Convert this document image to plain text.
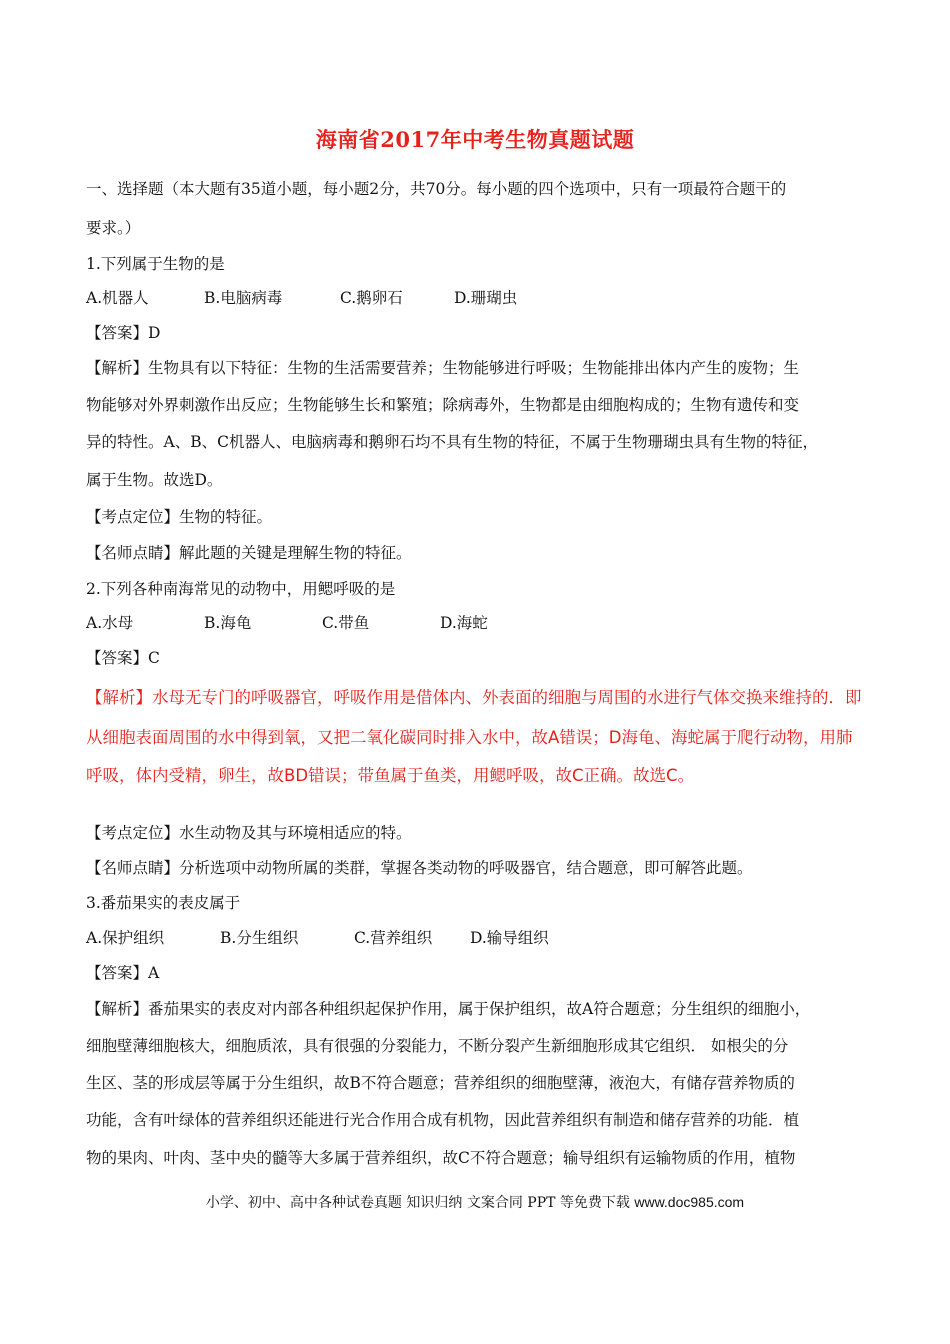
海南省2017年中考生物真题试题
一、选择题（本大题有35道小题，每小题2分，共70分。每小题的四个选项中，只有一项最符合题干的
要求。）
1.下列属于生物的是
A.机器人	B.电脑病毒	C.鹅卵石	D.珊瑚虫
【答案】D
【解析】生物具有以下特征：生物的生活需要营养；生物能够进行呼吸；生物能排出体内产生的废物；生
物能够对外界刺激作出反应；生物能够生长和繁殖；除病毒外，生物都是由细胞构成的；生物有遗传和变
异的特性。A、B、C机器人、电脑病毒和鹅卵石均不具有生物的特征，不属于生物珊瑚虫具有生物的特征，
属于生物。故选D。
【考点定位】生物的特征。
【名师点睛】解此题的关键是理解生物的特征。
2.下列各种南海常见的动物中，用鳃呼吸的是
A.水母	B.海龟	C.带鱼	D.海蛇
【答案】C
【解析】水母无专门的呼吸器官，呼吸作用是借体内、外表面的细胞与周围的水进行气体交换来维持的．即
从细胞表面周围的水中得到氧，又把二氧化碳同时排入水中，故A错误；D海龟、海蛇属于爬行动物，用肺
呼吸，体内受精，卵生，故BD错误；带鱼属于鱼类，用鳃呼吸，故C正确。故选C。
【考点定位】水生动物及其与环境相适应的特。
【名师点睛】分析选项中动物所属的类群，掌握各类动物的呼吸器官，结合题意，即可解答此题。
3.番茄果实的表皮属于
A.保护组织	B.分生组织	C.营养组织 D.输导组织
【答案】A
【解析】番茄果实的表皮对内部各种组织起保护作用，属于保护组织，故A符合题意；分生组织的细胞小，
细胞壁薄细胞核大，细胞质浓，具有很强的分裂能力，不断分裂产生新细胞形成其它组织． 如根尖的分
生区、茎的形成层等属于分生组织，故B不符合题意；营养组织的细胞壁薄，液泡大，有储存营养物质的
功能，含有叶绿体的营养组织还能进行光合作用合成有机物，因此营养组织有制造和储存营养的功能．植
物的果肉、叶肉、茎中央的髓等大多属于营养组织，故C不符合题意；输导组织有运输物质的作用，植物
小学、初中、高中各种试卷真题 知识归纳 文案合同 PPT 等免费下载 www.doc985.com
